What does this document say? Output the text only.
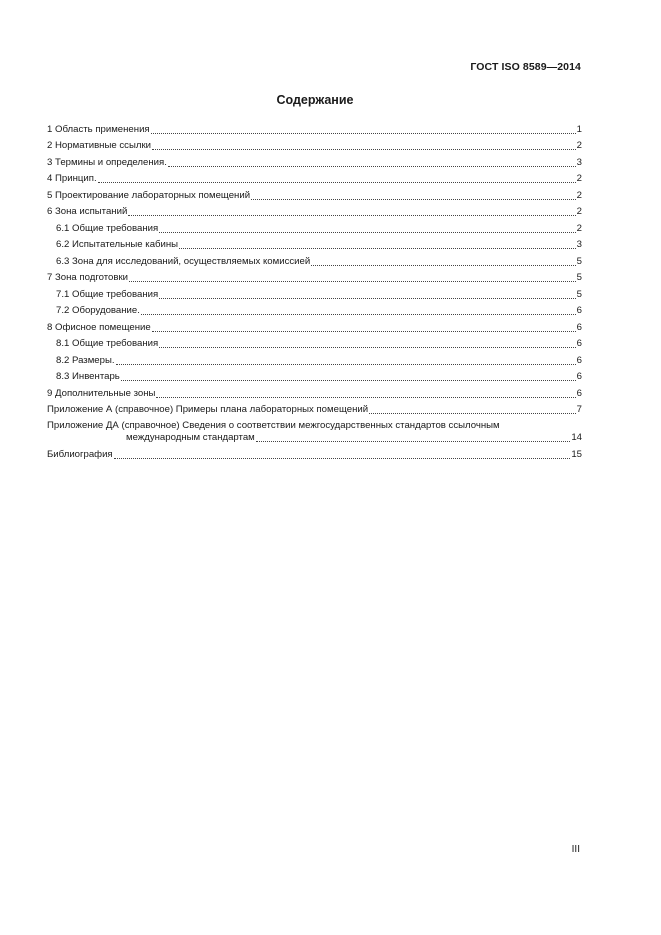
ГОСТ ISO 8589—2014
Содержание
1 Область применения	1
2 Нормативные ссылки	2
3 Термины и определения.	3
4 Принцип.	2
5 Проектирование лабораторных помещений	2
6 Зона испытаний	2
6.1 Общие требования	2
6.2 Испытательные кабины	3
6.3 Зона для исследований, осуществляемых комиссией	5
7 Зона подготовки	5
7.1 Общие требования	5
7.2 Оборудование.	6
8 Офисное помещение	6
8.1 Общие требования	6
8.2 Размеры.	6
8.3 Инвентарь	6
9 Дополнительные зоны	6
Приложение А (справочное) Примеры плана лабораторных помещений	7
Приложение ДА (справочное) Сведения о соответствии межгосударственных стандартов ссылочным
международным стандартам	14
Библиография	15
III
